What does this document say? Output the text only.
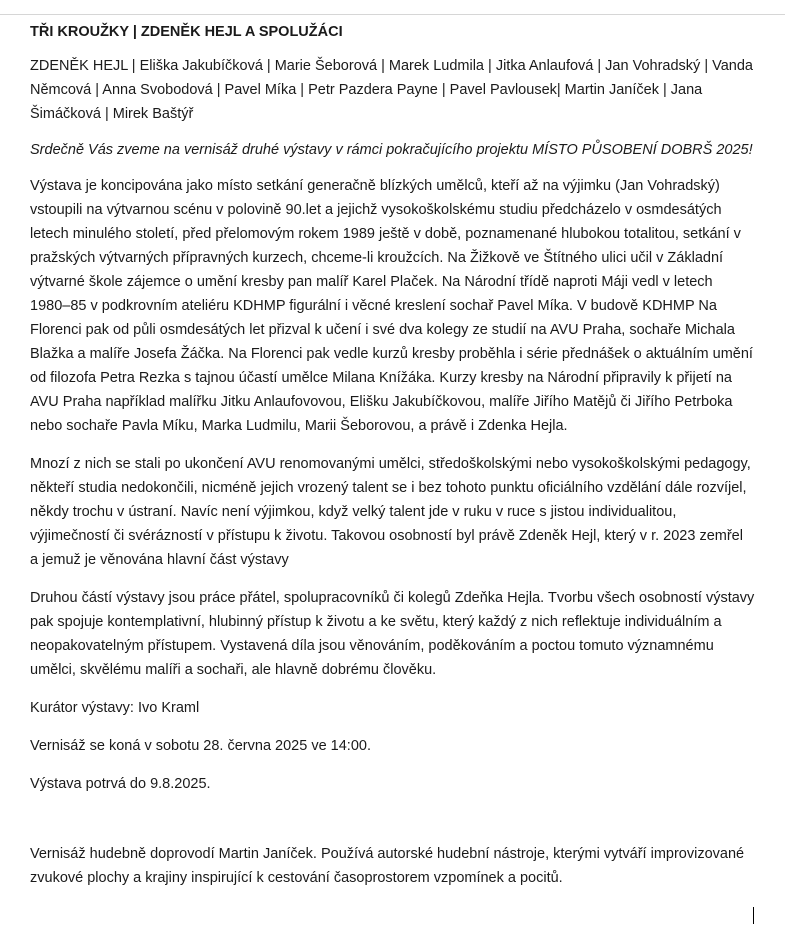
TŘI KROUŽKY | ZDENĚK HEJL A SPOLUŽÁCI

ZDENĚK HEJL | Eliška Jakubíčková | Marie Šeborová | Marek Ludmila | Jitka Anlaufová | Jan Vohradský | Vanda Němcová | Anna Svobodová | Pavel Míka | Petr Pazdera Payne | Pavel Pavlousek| Martin Janíček | Jana Šimáčková | Mirek Baštýř

Srdečně Vás zveme na vernisáž druhé výstavy v rámci pokračujícího projektu MÍSTO PŮSOBENÍ DOBRŠ 2025!

Výstava je koncipována jako místo setkání generačně blízkých umělců, kteří až na výjimku (Jan Vohradský) vstoupili na výtvarnou scénu v polovině 90.let a jejichž vysokoškolskému studiu předcházelo v osmdesátých letech minulého století, před přelomovým rokem 1989 ještě v době, poznamenané hlubokou totalitou, setkání v pražských výtvarných přípravných kurzech, chceme-li kroužcích. Na Žižkově ve Štítného ulici učil v Základní výtvarné škole zájemce o umění kresby pan malíř Karel Plaček. Na Národní třídě naproti Máji vedl v letech 1980–85 v podkrovním ateliéru KDHMP figurální i věcné kreslení sochař Pavel Míka. V budově KDHMP Na Florenci pak od půli osmdesátých let přizval k učení i své dva kolegy ze studií na AVU Praha, sochaře Michala Blažka a malíře Josefa Žáčka. Na Florenci pak vedle kurzů kresby proběhla i série přednášek o aktuálním umění od filozofa Petra Rezka s tajnou účastí umělce Milana Knížáka. Kurzy kresby na Národní připravily k přijetí na AVU Praha například malířku Jitku Anlaufovovou, Elišku Jakubíčkovou, malíře Jiřího Matějů či Jiřího Petrboka nebo sochaře Pavla Míku, Marka Ludmilu, Marii Šeborovou, a právě i Zdenka Hejla.

Mnozí z nich se stali po ukončení AVU renomovanými umělci, středoškolskými nebo vysokoškolskými pedagogy, někteří studia nedokončili, nicméně jejich vrozený talent se i bez tohoto punktu oficiálního vzdělání dále rozvíjel, někdy trochu v ústraní. Navíc není výjimkou, když velký talent jde v ruku v ruce s jistou individualitou, výjimečností či svérázností v přístupu k životu. Takovou osobností byl právě Zdeněk Hejl, který v r. 2023 zemřel a jemuž je věnována hlavní část výstavy

Druhou částí výstavy jsou práce přátel, spolupracovníků či kolegů Zdeňka Hejla. Tvorbu všech osobností výstavy pak spojuje kontemplativní, hlubinný přístup k životu a ke světu, který každý z nich reflektuje individuálním a neopakovatelným přístupem. Vystavená díla jsou věnováním, poděkováním a poctou tomuto významnému umělci, skvělému malíři a sochaři, ale hlavně dobrému člověku.

Kurátor výstavy: Ivo Kraml

Vernisáž se koná v sobotu 28. června 2025 ve 14:00.

Výstava potrvá do 9.8.2025.

Vernisáž hudebně doprovodí Martin Janíček. Používá autorské hudební nástroje, kterými vytváří improvizované zvukové plochy a krajiny inspirující k cestování časoprostorem vzpomínek a pocitů.
